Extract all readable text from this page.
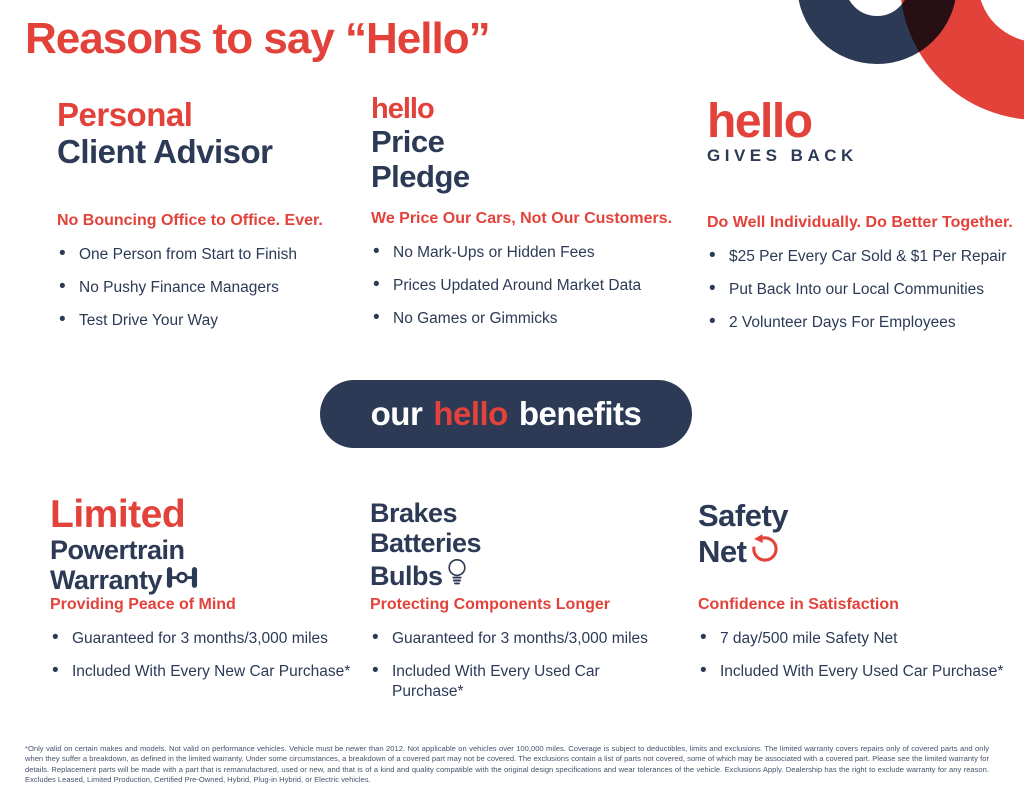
Reasons to say “Hello”
Personal
Client Advisor
No Bouncing Office to Office. Ever.
• One Person from Start to Finish
• No Pushy Finance Managers
• Test Drive Your Way
hello
Price
Pledge
We Price Our Cars, Not Our Customers.
• No Mark-Ups or Hidden Fees
• Prices Updated Around Market Data
• No Games or Gimmicks
hello
GIVES BACK
Do Well Individually. Do Better Together.
• $25 Per Every Car Sold & $1 Per Repair
• Put Back Into our Local Communities
• 2 Volunteer Days For Employees
our hello benefits
Limited
Powertrain
Warranty
Providing Peace of Mind
• Guaranteed for 3 months/3,000 miles
• Included With Every New Car Purchase*
Brakes
Batteries
Bulbs
Protecting Components Longer
• Guaranteed for 3 months/3,000 miles
• Included With Every Used Car Purchase*
Safety
Net
Confidence in Satisfaction
• 7 day/500 mile Safety Net
• Included With Every Used Car Purchase*

*Only valid on certain makes and models. Not valid on performance vehicles. Vehicle must be newer than 2012. Not applicable on vehicles over 100,000 miles. Coverage is subject to deductibles, limits and exclusions. The limited warranty covers repairs only of covered parts and only when they suffer a breakdown, as defined in the limited warranty. Under some circumstances, a breakdown of a covered part may not be covered. The exclusions contain a list of parts not covered, some of which may be associated with a covered part. Please see the limited warranty for details. Replacement parts will be made with a part that is remanufactured, used or new, and that is of a kind and quality compatible with the original design specifications and wear tolerances of the vehicle. Exclusions Apply. Dealership has the right to exclude warranty for any reason. Excludes Leased, Limited Production, Certified Pre-Owned, Hybrid, Plug-in Hybrid, or Electric vehicles.
